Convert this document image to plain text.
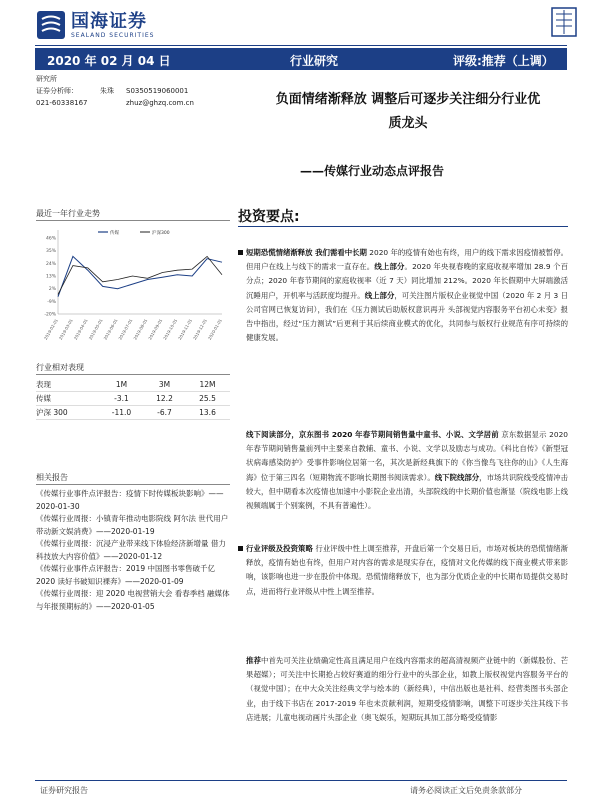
国海证券
SEALAND SECURITIES
2020 年 02 月 04 日	行业研究	评级:推荐（上调）
研究所
证券分析师：	朱珠 S0350519060001
021-60338167	zhuz@ghzq.com.cn	负面情绪渐释放 调整后可逐步关注细分行业优
质龙头
——传媒行业动态点评报告
最近一年行业走势
46%
35%
24%
13%
2%
-9%
-20%
2019-02-01
2019-03-01
2019-04-01
2019-05-01
2019-06-01
2019-07-01
2019-08-01
2019-09-01
2019-10-01
2019-11-01
2019-12-01
2020-01-01
传媒	沪深300
行业相对表现
表现	1M	3M	12M
传媒	-3.1	12.2	25.5
沪深 300	-11.0	-6.7	13.6
相关报告
《传媒行业事件点评报告：疫情下时传媒板块影响》——2020-01-30
《传媒行业周报：小镇青年推动电影院线 阿尔法 世代用户带动新文娱消费》——2020-01-19
《传媒行业周报：沉浸产业带来线下体验经济新增量 借力科技放大内容价值》——2020-01-12
《传媒行业事件点评报告：2019 中国图书零售破千亿 2020 读好书破知识裸奔》——2020-01-09
《传媒行业周报：迎 2020 电视营销大会 看春季档 融媒体与年报预期标的》——2020-01-05
投资要点:
短期恐慌情绪渐释放 我们需看中长期 2020 年的疫情有始也有终，用户的线下需求因疫情被暂停。但用户在线上与线下的需求一直存在。线上部分。2020 年央视春晚的家庭收视率增加 28.9 个百分点；2020 年春节期间的家庭收视率（近 7 天）同比增加 212%。2020 年长假期中大屏端激活沉睡用户，开机率与活跃度均提升。线上部分，可关注图片版权企业视觉中国（2020 年 2 月 3 日公司官网已恢复访问），我们在《压力测试后助版权意识再升 头部视觉内容服务平台初心未变》报告中指出，经过“压力测试”后更利于其后续商业模式的优化，共同参与版权行业规范有序可持续的健康发展。
线下阅读部分，京东图书 2020 年春节期间销售量中童书、小说、文学居前 京东数据显示 2020 年春节期间销售量前列中主要来自教辅、童书、小说、文学以及励志与成功。《科比自传》《新型冠状病毒感染防护》受事件影响位居第一名，其次是新经典旗下的《你当像鸟飞往你的山》《人生海海》位于第三四名（短期物流不影响长期图书阅读需求）。线下院线部分，市场共识院线受疫情冲击较大，但中期看本次疫情也加速中小影院企业出清，头部院线的中长期价值也渐显（院线电影上线视频端属于个别案例，不具有普遍性）。
行业评级及投资策略 行业评级中性上调至推荐，开盘后第一个交易日后，市场对板块的恐慌情绪渐释放，疫情有始也有终，但用户对内容的需求是现实存在，疫情对文化传媒的线下商业模式带来影响，该影响也进一步在股价中体现。恐慌情绪释放下，也为部分优质企业的中长期布局提供交易时点，进而将行业评级从中性上调至推荐。
推荐中首先可关注业绩确定性高且满足用户在线内容需求的超高清视频产业链中的（新媒股份、芒果超媒）；可关注中长期抢占较好赛道的细分行业中的头部企业，如教上版权视觉内容服务平台的（视觉中国）；在中大众关注经典文学与绘本的（新经典），中信出版也是社科、经营类图书头部企业，由于线下书店在 2017-2019 年也未贡献利润，短期受疫情影响，调整下可逐步关注其线下书店进展；儿童电视动画片头部企业（奥飞娱乐，短期玩具加工部分略受疫情影
证券研究报告	请务必阅读正文后免责条款部分
